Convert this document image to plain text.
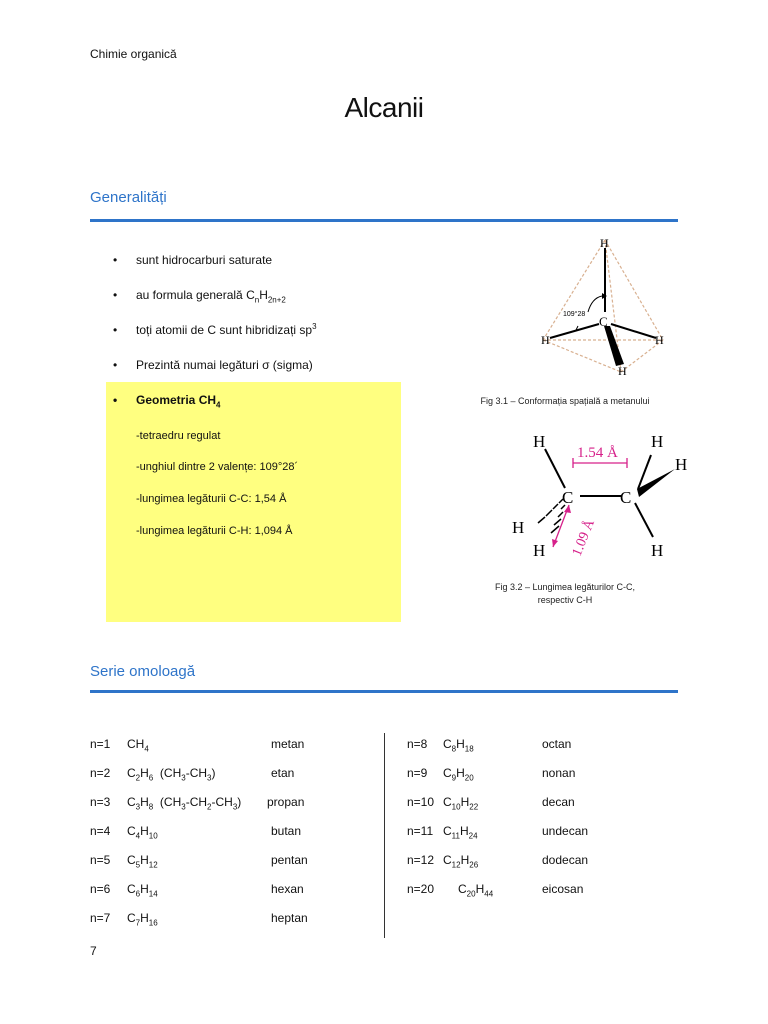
Chimie organică
Alcanii
Generalități
• sunt hidrocarburi saturate
• au formula generală $C_nH_{2n+2}$
• toți atomii de C sunt hibridizați $sp^3$
• Prezintă numai legături σ (sigma)
• Geometria $CH_4$
-tetraedru regulat
-unghiul dintre 2 valențe: 109°28´
-lungimea legăturii C-C: 1,54 Å
-lungimea legăturii C-H: 1,094 Å
H
C
H	H
H
109°28
Fig 3.1 – Conformația spațială a metanului
1.54 Å
1.09 Å
H
C	C
H
H
H
H	H
Fig 3.2 – Lungimea legăturilor C-C,
respectiv C-H
Serie omoloagă
n=1 $CH_4$	metan
n=2 $C_2H_6$  $(CH_3-CH_3)$	etan
n=3 $C_3H_8$  $(CH_3-CH_2-CH_3)$ propan
n=4 $C_4H_{10}$	butan
n=5 $C_5H_{12}$	pentan
n=6 $C_6H_{14}$	hexan
n=7 $C_7H_{16}$	heptan
n=8 $C_8H_{18}$	octan
n=9 $C_9H_{20}$	nonan
n=10 $C_{10}H_{22}$	decan
n=11 $C_{11}H_{24}$	undecan
n=12 $C_{12}H_{26}$	dodecan
n=20 $C_{20}H_{44}$	eicosan
7
